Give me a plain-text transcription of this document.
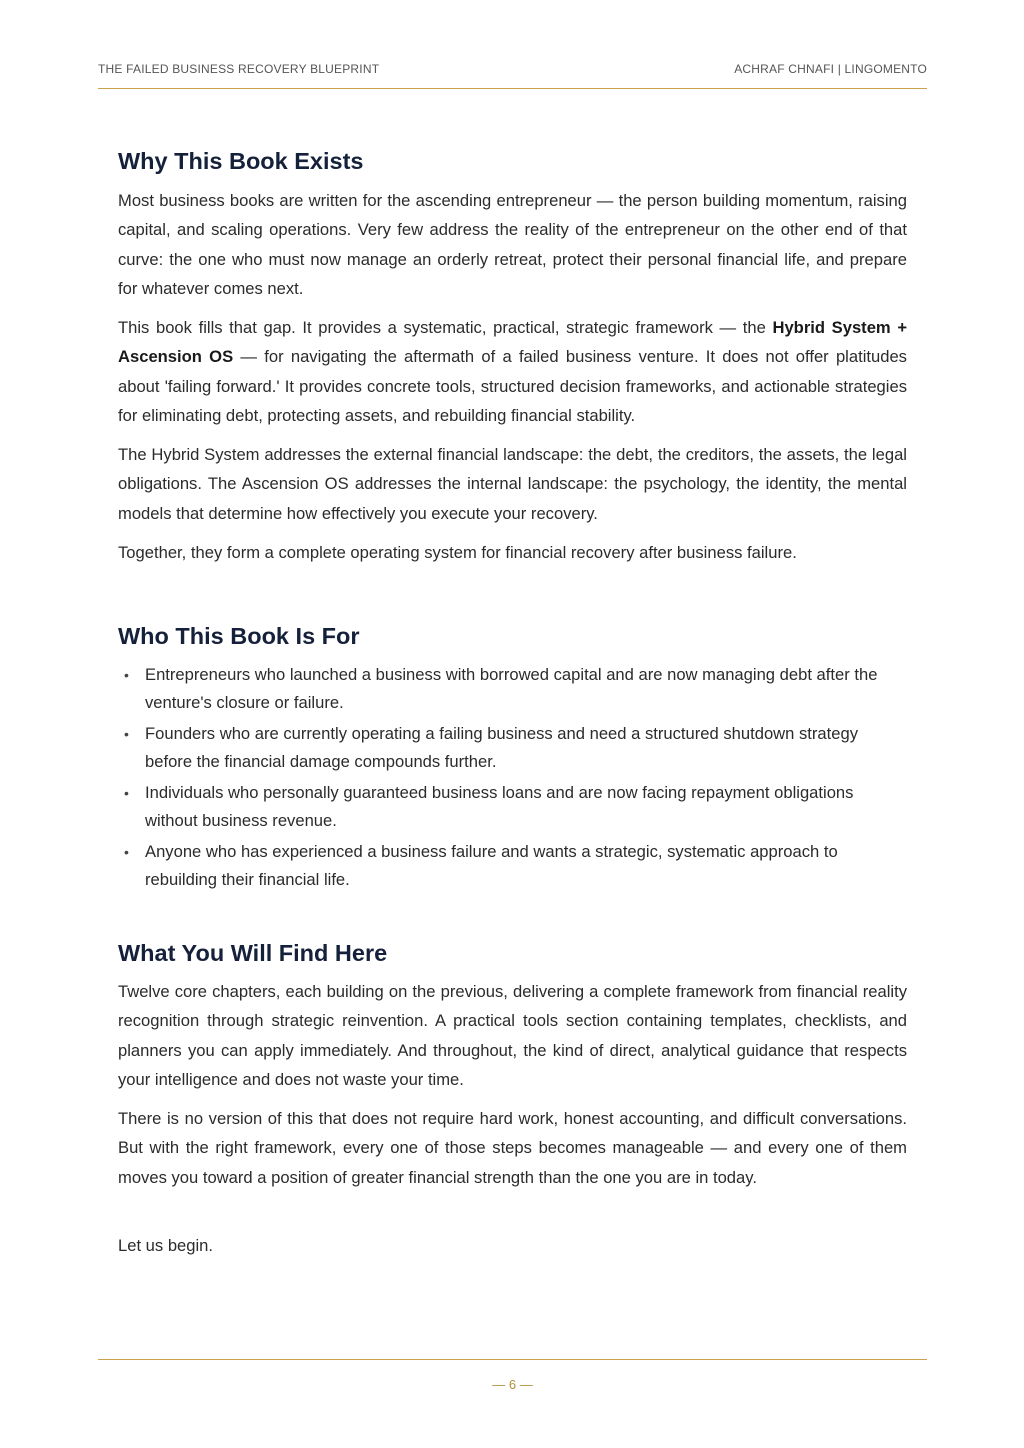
THE FAILED BUSINESS RECOVERY BLUEPRINT	ACHRAF CHNAFI | LINGOMENTO
Why This Book Exists

Most business books are written for the ascending entrepreneur — the person building momentum, raising capital, and scaling operations. Very few address the reality of the entrepreneur on the other end of that curve: the one who must now manage an orderly retreat, protect their personal financial life, and prepare for whatever comes next.

This book fills that gap. It provides a systematic, practical, strategic framework — the Hybrid System + Ascension OS — for navigating the aftermath of a failed business venture. It does not offer platitudes about 'failing forward.' It provides concrete tools, structured decision frameworks, and actionable strategies for eliminating debt, protecting assets, and rebuilding financial stability.

The Hybrid System addresses the external financial landscape: the debt, the creditors, the assets, the legal obligations. The Ascension OS addresses the internal landscape: the psychology, the identity, the mental models that determine how effectively you execute your recovery.

Together, they form a complete operating system for financial recovery after business failure.

Who This Book Is For
• Entrepreneurs who launched a business with borrowed capital and are now managing debt after the venture's closure or failure.
• Founders who are currently operating a failing business and need a structured shutdown strategy before the financial damage compounds further.
• Individuals who personally guaranteed business loans and are now facing repayment obligations without business revenue.
• Anyone who has experienced a business failure and wants a strategic, systematic approach to rebuilding their financial life.
What You Will Find Here

Twelve core chapters, each building on the previous, delivering a complete framework from financial reality recognition through strategic reinvention. A practical tools section containing templates, checklists, and planners you can apply immediately. And throughout, the kind of direct, analytical guidance that respects your intelligence and does not waste your time.

There is no version of this that does not require hard work, honest accounting, and difficult conversations. But with the right framework, every one of those steps becomes manageable — and every one of them moves you toward a position of greater financial strength than the one you are in today.

Let us begin.

— 6 —
